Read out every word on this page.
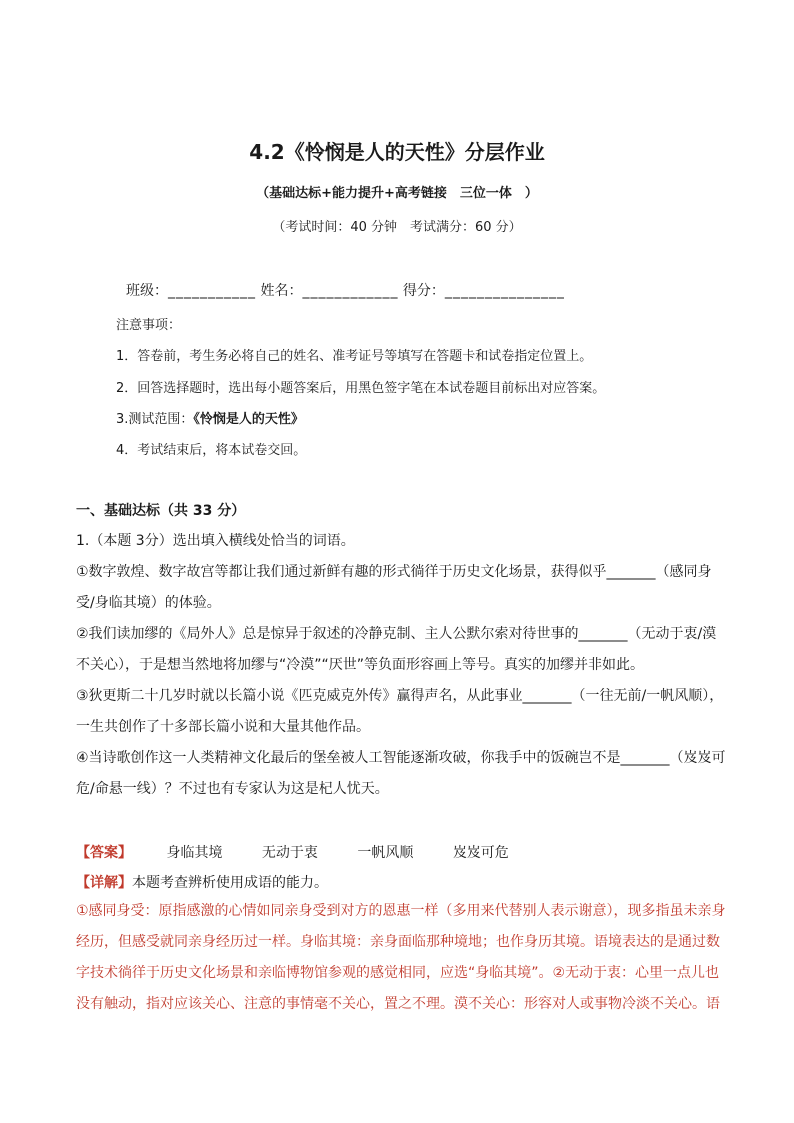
4.2《怜悯是人的天性》分层作业
（基础达标+能力提升+高考链接　三位一体　）
（考试时间：40 分钟　考试满分：60 分）
班级：___________ 姓名：____________ 得分：_______________
注意事项：
1．答卷前，考生务必将自己的姓名、准考证号等填写在答题卡和试卷指定位置上。
2．回答选择题时，选出每小题答案后，用黑色签字笔在本试卷题目前标出对应答案。
3.测试范围：《怜悯是人的天性》
4．考试结束后，将本试卷交回。
一、基础达标（共 33 分）
1.（本题 3分）选出填入横线处恰当的词语。
①数字敦煌、数字故宫等都让我们通过新鲜有趣的形式徜徉于历史文化场景，获得似乎_______（感同身受/身临其境）的体验。
②我们读加缪的《局外人》总是惊异于叙述的冷静克制、主人公默尔索对待世事的_______（无动于衷/漠不关心），于是想当然地将加缪与“冷漠”“厌世”等负面形容画上等号。真实的加缪并非如此。
③狄更斯二十几岁时就以长篇小说《匹克威克外传》赢得声名，从此事业_______（一往无前/一帆风顺），一生共创作了十多部长篇小说和大量其他作品。
④当诗歌创作这一人类精神文化最后的堡垒被人工智能逐渐攻破，你我手中的饭碗岂不是_______（岌岌可危/命悬一线）？不过也有专家认为这是杞人忧天。
【答案】 身临其境	无动于衷	一帆风顺	岌岌可危
【详解】本题考查辨析使用成语的能力。
①感同身受：原指感激的心情如同亲身受到对方的恩惠一样（多用来代替别人表示谢意），现多指虽未亲身经历，但感受就同亲身经历过一样。身临其境：亲身面临那种境地；也作身历其境。语境表达的是通过数字技术徜徉于历史文化场景和亲临博物馆参观的感觉相同，应选“身临其境”。②无动于衷：心里一点儿也没有触动，指对应该关心、注意的事情毫不关心，置之不理。漠不关心：形容对人或事物冷淡不关心。语
